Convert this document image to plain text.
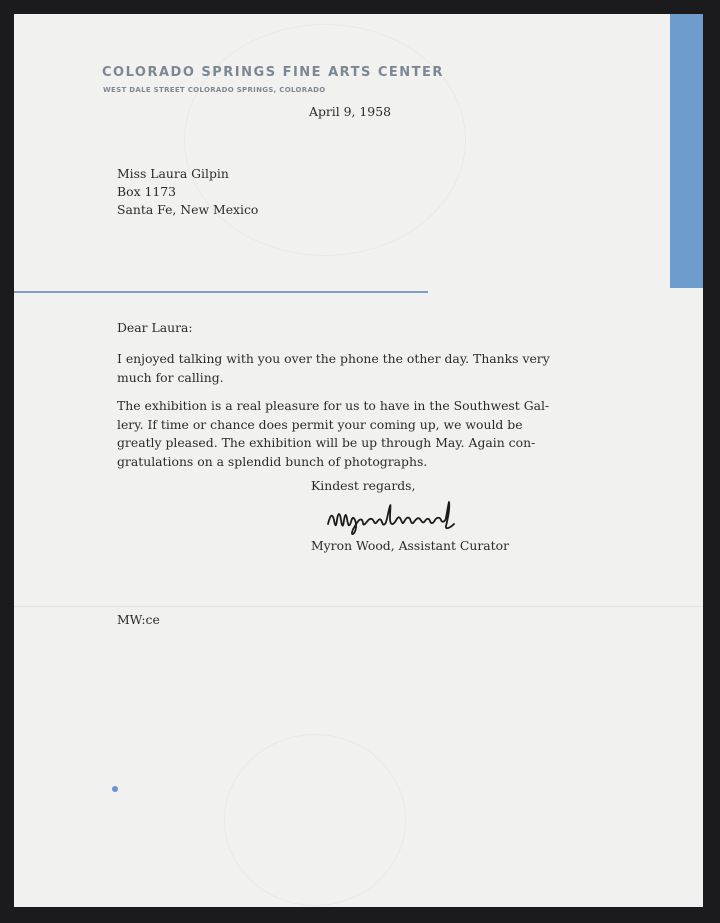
COLORADO SPRINGS FINE ARTS CENTER
WEST DALE STREET COLORADO SPRINGS, COLORADO
April 9, 1958
Miss Laura Gilpin
Box 1173
Santa Fe, New Mexico
Dear Laura:
I enjoyed talking with you over the phone the other day. Thanks very
much for calling.
The exhibition is a real pleasure for us to have in the Southwest Gal-
lery. If time or chance does permit your coming up, we would be
greatly pleased. The exhibition will be up through May. Again con-
gratulations on a splendid bunch of photographs.
Kindest regards,
Myron Wood, Assistant Curator
MW:ce
